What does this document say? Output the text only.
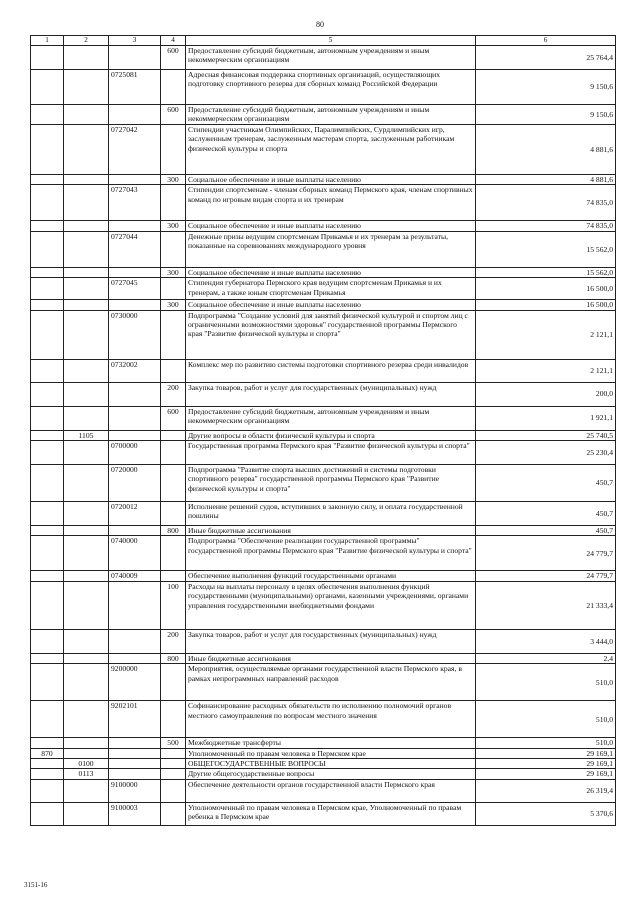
80
1	2	3	4	5	6
			600	Предоставление субсидий бюджетным, автономным учреждениям и иным некоммерческим организациям	25 764,4
		0725081		Адресная финансовая поддержка спортивных организаций, осуществляющих подготовку спортивного резерва для сборных команд Российской Федерации	9 150,6
			600	Предоставление субсидий бюджетным, автономным учреждениям и иным некоммерческим организациям	9 150,6
		0727042		Стипендии участникам Олимпийских, Паралимпийских, Сурдлимпийских игр, заслуженным тренерам, заслуженным мастерам спорта, заслуженным работникам физической культуры и спорта	4 881,6
			300	Социальное обеспечение и иные выплаты населению	4 881,6
		0727043		Стипендии спортсменам - членам сборных команд Пермского края, членам спортивных команд по игровым видам спорта и их тренерам	74 835,0
			300	Социальное обеспечение и иные выплаты населению	74 835,0
		0727044		Денежные призы ведущим спортсменам Прикамья и их тренерам за результаты, показанные на соревнованиях международного уровня	15 562,0
			300	Социальное обеспечение и иные выплаты населению	15 562,0
		0727045		Стипендия губернатора Пермского края ведущим спортсменам Прикамья и их тренерам, а также юным спортсменам Прикамья	16 500,0
			300	Социальное обеспечение и иные выплаты населению	16 500,0
		0730000		Подпрограмма "Создание условий для занятий физической культурой и спортом лиц с ограниченными возможностями здоровья" государственной программы Пермского края "Развитие физической культуры и спорта"	2 121,1
		0732002		Комплекс мер по развитию системы подготовки спортивного резерва среди инвалидов	2 121,1
			200	Закупка товаров, работ и услуг для государственных (муниципальных) нужд	200,0
			600	Предоставление субсидий бюджетным, автономным учреждениям и иным некоммерческим организациям	1 921,1
	1105			Другие вопросы в области физической культуры и спорта	25 740,5
		0700000		Государственная программа Пермского края "Развитие физической культуры и спорта"	25 230,4
		0720000		Подпрограмма "Развитие спорта высших достижений и системы подготовки спортивного резерва" государственной программы Пермского края "Развитие физической культуры и спорта"	450,7
		0720012		Исполнение решений судов, вступивших в законную силу, и оплата государственной пошлины	450,7
			800	Иные бюджетные ассигнования	450,7
		0740000		Подпрограмма "Обеспечение реализации государственной программы" государственной программы Пермского края "Развитие физической культуры и спорта"	24 779,7
		0740009		Обеспечение выполнения функций государственными органами	24 779,7
			100	Расходы на выплаты персоналу в целях обеспечения выполнения функций государственными (муниципальными) органами, казенными учреждениями, органами управления государственными внебюджетными фондами	21 333,4
			200	Закупка товаров, работ и услуг для государственных (муниципальных) нужд	3 444,0
			800	Иные бюджетные ассигнования	2,4
		9200000		Мероприятия, осуществляемые органами государственной власти Пермского края, в рамках непрограммных направлений расходов	510,0
		9202101		Софинансирование расходных обязательств по исполнению полномочий органов местного самоуправления по вопросам местного значения	510,0
			500	Межбюджетные трансферты	510,0
870				Уполномоченный по правам человека в Пермском крае	29 169,1
	0100			ОБЩЕГОСУДАРСТВЕННЫЕ ВОПРОСЫ	29 169,1
	0113			Другие общегосударственные вопросы	29 169,1
		9100000		Обеспечение деятельности органов государственной власти Пермского края	26 319,4
		9100003		Уполномоченный по правам человека в Пермском крае, Уполномоченный по правам ребенка в Пермском крае	5 370,6
3151-16
